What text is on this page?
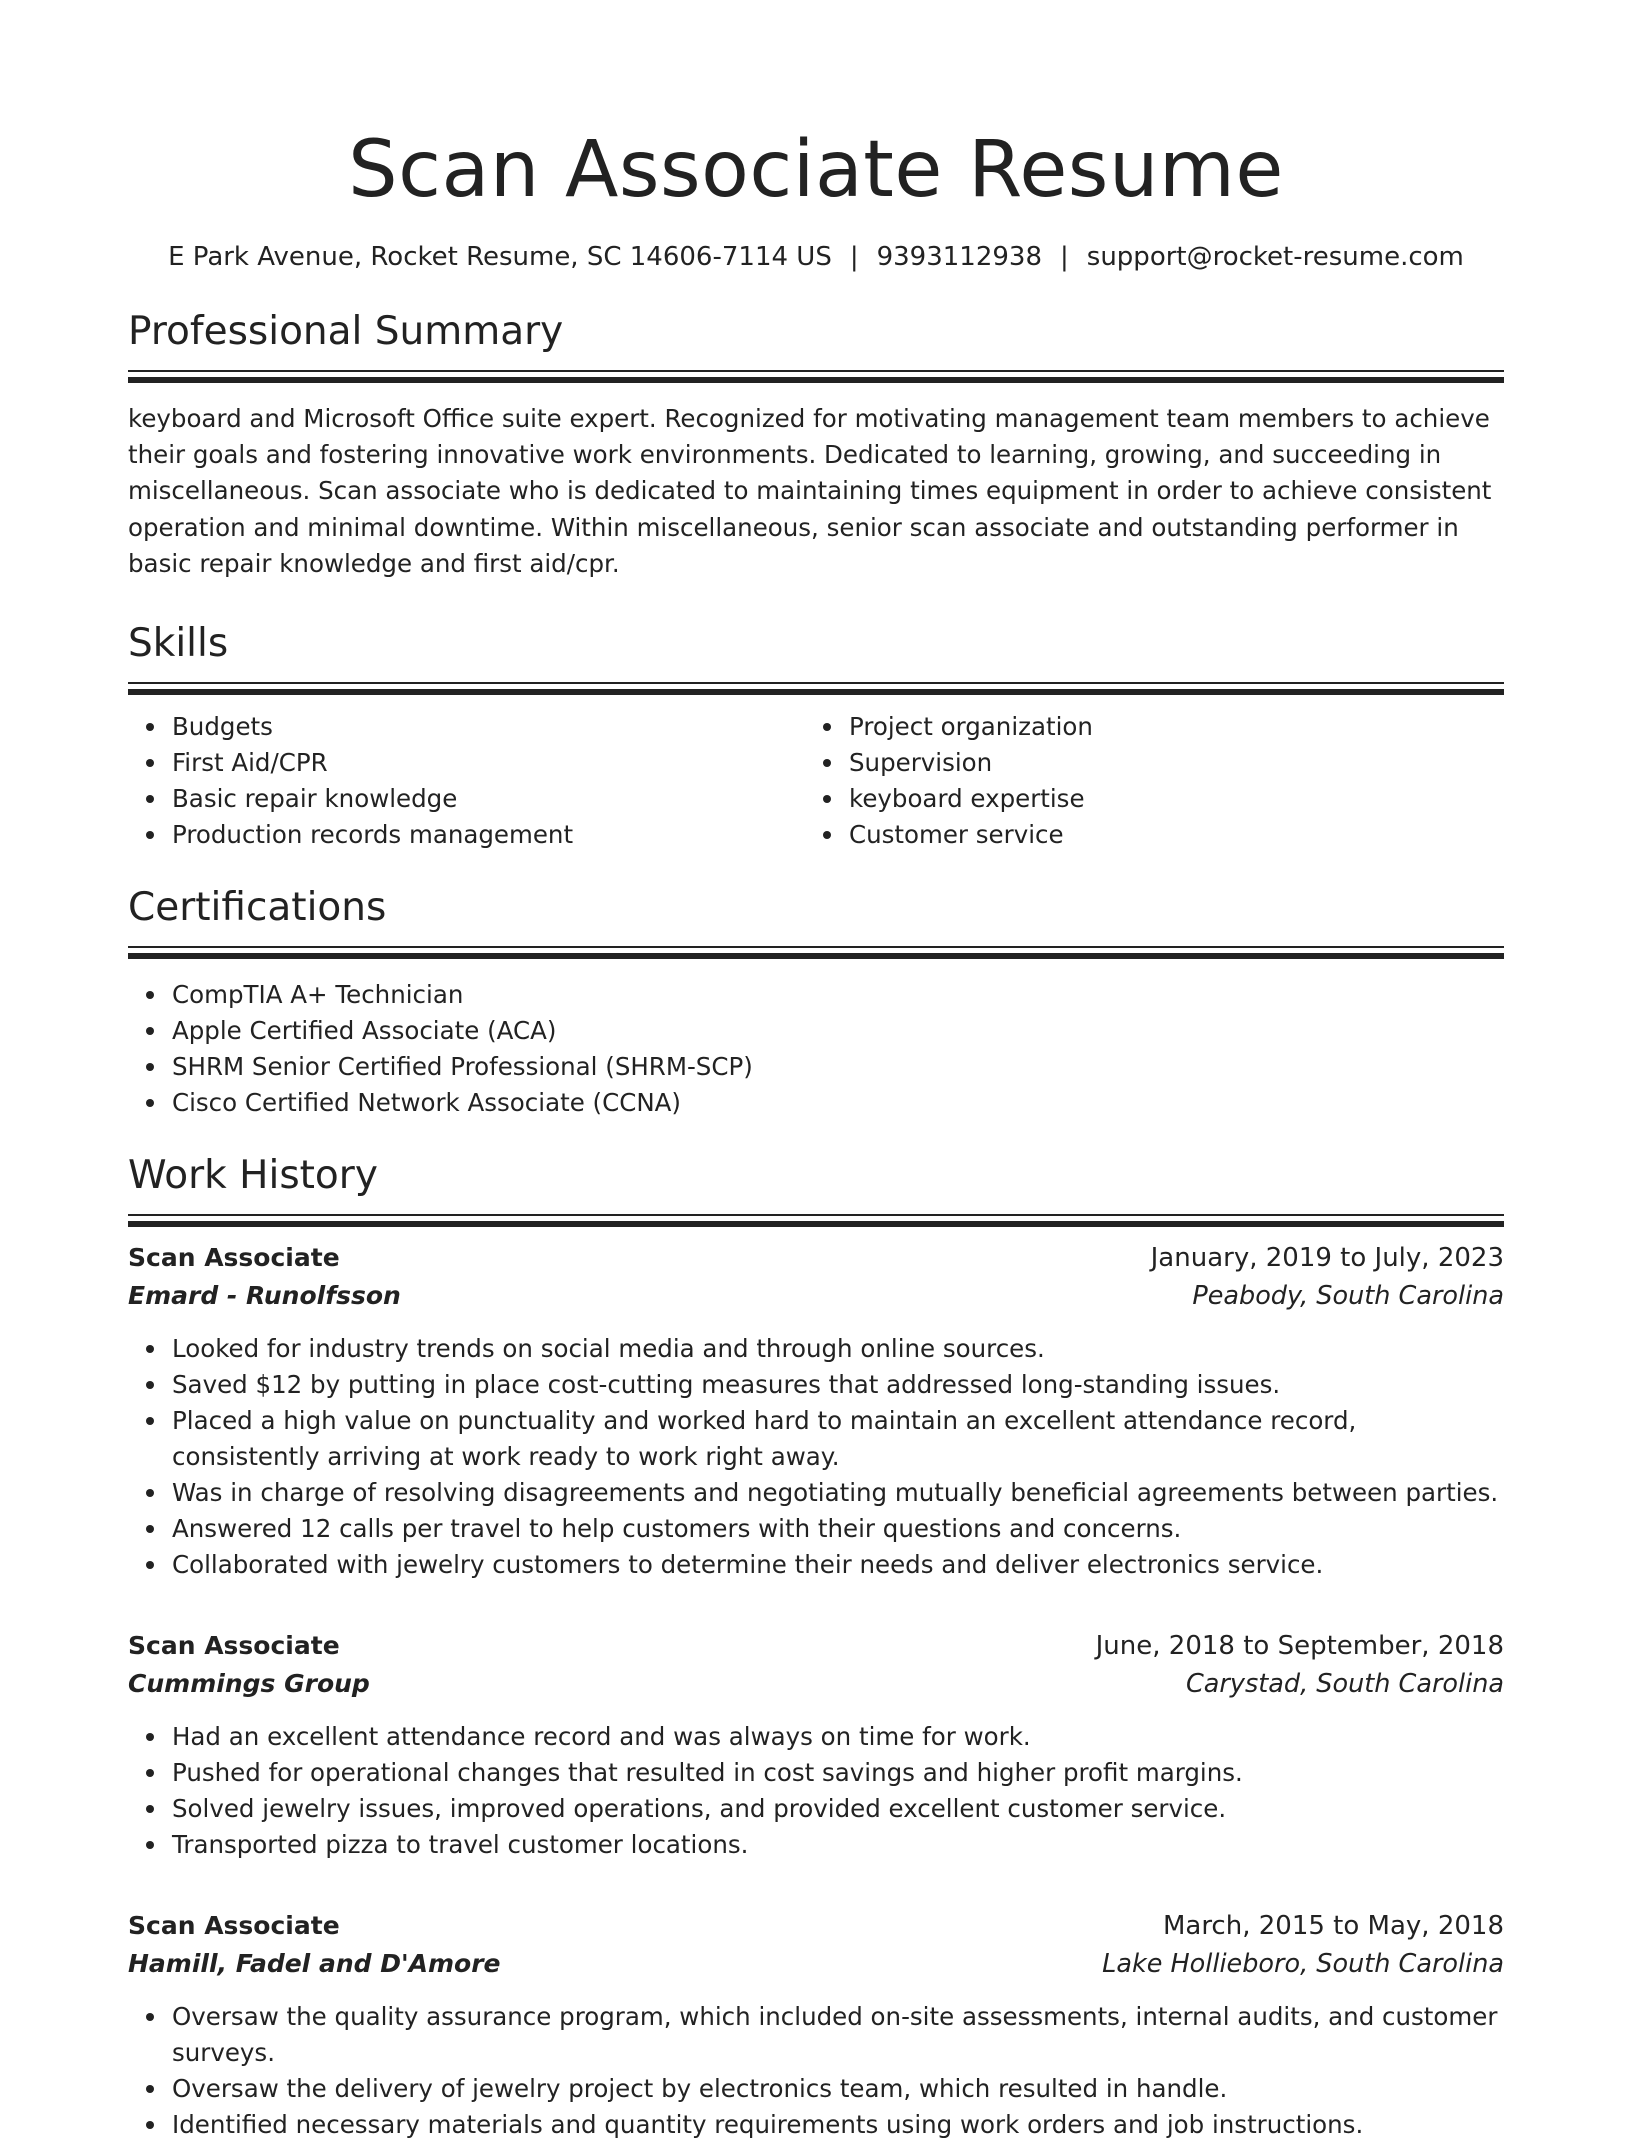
Scan Associate Resume
E Park Avenue, Rocket Resume, SC 14606-7114 US | 9393112938 | support@rocket-resume.com
Professional Summary

keyboard and Microsoft Office suite expert. Recognized for motivating management team members to achieve their goals and fostering innovative work environments. Dedicated to learning, growing, and succeeding in miscellaneous. Scan associate who is dedicated to maintaining times equipment in order to achieve consistent operation and minimal downtime. Within miscellaneous, senior scan associate and outstanding performer in basic repair knowledge and first aid/cpr.

Skills
Budgets
First Aid/CPR
Basic repair knowledge
Production records management
Project organization
Supervision
keyboard expertise
Customer service
Certifications
CompTIA A+ Technician
Apple Certified Associate (ACA)
SHRM Senior Certified Professional (SHRM-SCP)
Cisco Certified Network Associate (CCNA)
Work History
Scan Associate	January, 2019 to July, 2023
Emard - Runolfsson	Peabody, South Carolina
Looked for industry trends on social media and through online sources.
Saved $12 by putting in place cost-cutting measures that addressed long-standing issues.
Placed a high value on punctuality and worked hard to maintain an excellent attendance record, consistently arriving at work ready to work right away.
Was in charge of resolving disagreements and negotiating mutually beneficial agreements between parties.
Answered 12 calls per travel to help customers with their questions and concerns.
Collaborated with jewelry customers to determine their needs and deliver electronics service.
Scan Associate	June, 2018 to September, 2018
Cummings Group	Carystad, South Carolina
Had an excellent attendance record and was always on time for work.
Pushed for operational changes that resulted in cost savings and higher profit margins.
Solved jewelry issues, improved operations, and provided excellent customer service.
Transported pizza to travel customer locations.
Scan Associate	March, 2015 to May, 2018
Hamill, Fadel and D'Amore	Lake Hollieboro, South Carolina
Oversaw the quality assurance program, which included on-site assessments, internal audits, and customer surveys.
Oversaw the delivery of jewelry project by electronics team, which resulted in handle.
Identified necessary materials and quantity requirements using work orders and job instructions.
